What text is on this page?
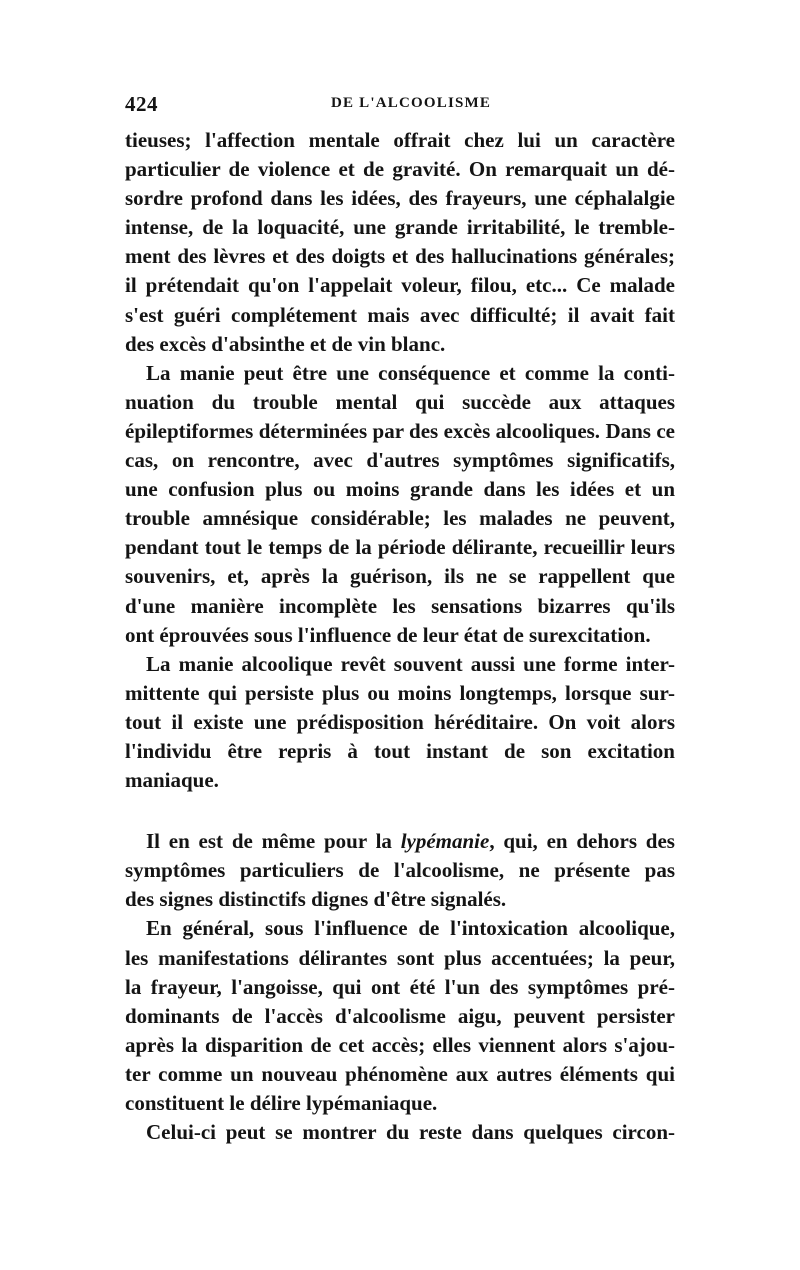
424	DE L'ALCOOLISME
tieuses; l'affection mentale offrait chez lui un caractère
particulier de violence et de gravité. On remarquait un dé-
sordre profond dans les idées, des frayeurs, une céphalalgie
intense, de la loquacité, une grande irritabilité, le tremble-
ment des lèvres et des doigts et des hallucinations générales;
il prétendait qu'on l'appelait voleur, filou, etc... Ce malade
s'est guéri complétement mais avec difficulté; il avait fait
des excès d'absinthe et de vin blanc.
La manie peut être une conséquence et comme la conti-
nuation du trouble mental qui succède aux attaques
épileptiformes déterminées par des excès alcooliques. Dans ce
cas, on rencontre, avec d'autres symptômes significatifs,
une confusion plus ou moins grande dans les idées et un
trouble amnésique considérable; les malades ne peuvent,
pendant tout le temps de la période délirante, recueillir leurs
souvenirs, et, après la guérison, ils ne se rappellent que
d'une manière incomplète les sensations bizarres qu'ils
ont éprouvées sous l'influence de leur état de surexcitation.
La manie alcoolique revêt souvent aussi une forme inter-
mittente qui persiste plus ou moins longtemps, lorsque sur-
tout il existe une prédisposition héréditaire. On voit alors
l'individu être repris à tout instant de son excitation
maniaque.
Il en est de même pour la lypémanie, qui, en dehors des
symptômes particuliers de l'alcoolisme, ne présente pas
des signes distinctifs dignes d'être signalés.
En général, sous l'influence de l'intoxication alcoolique,
les manifestations délirantes sont plus accentuées; la peur,
la frayeur, l'angoisse, qui ont été l'un des symptômes pré-
dominants de l'accès d'alcoolisme aigu, peuvent persister
après la disparition de cet accès; elles viennent alors s'ajou-
ter comme un nouveau phénomène aux autres éléments qui
constituent le délire lypémaniaque.
Celui-ci peut se montrer du reste dans quelques circon-
